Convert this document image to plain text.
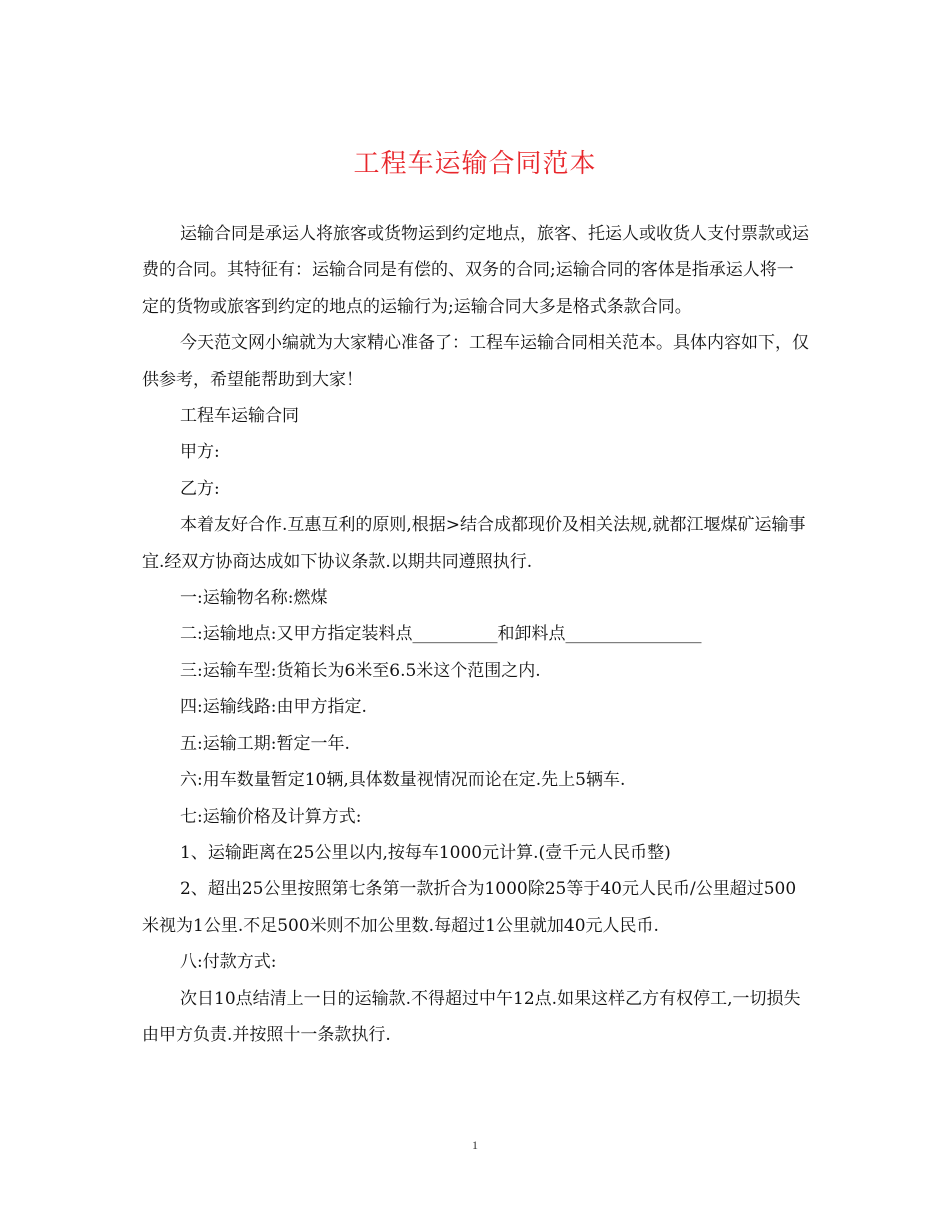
工程车运输合同范本

运输合同是承运人将旅客或货物运到约定地点，旅客、托运人或收货人支付票款或运费的合同。其特征有：运输合同是有偿的、双务的合同;运输合同的客体是指承运人将一定的货物或旅客到约定的地点的运输行为;运输合同大多是格式条款合同。

今天范文网小编就为大家精心准备了：工程车运输合同相关范本。具体内容如下，仅供参考，希望能帮助到大家！

工程车运输合同

甲方:

乙方:

本着友好合作.互惠互利的原则,根据>结合成都现价及相关法规,就都江堰煤矿运输事宜.经双方协商达成如下协议条款.以期共同遵照执行.

一:运输物名称:燃煤

二:运输地点:又甲方指定装料点__________和卸料点________________

三:运输车型:货箱长为6米至6.5米这个范围之内.

四:运输线路:由甲方指定.

五:运输工期:暂定一年.

六:用车数量暂定10辆,具体数量视情况而论在定.先上5辆车.

七:运输价格及计算方式:

1、运输距离在25公里以内,按每车1000元计算.(壹千元人民币整)

2、超出25公里按照第七条第一款折合为1000除25等于40元人民币/公里超过500米视为1公里.不足500米则不加公里数.每超过1公里就加40元人民币.

八:付款方式:

次日10点结清上一日的运输款.不得超过中午12点.如果这样乙方有权停工,一切损失由甲方负责.并按照十一条款执行.

1
